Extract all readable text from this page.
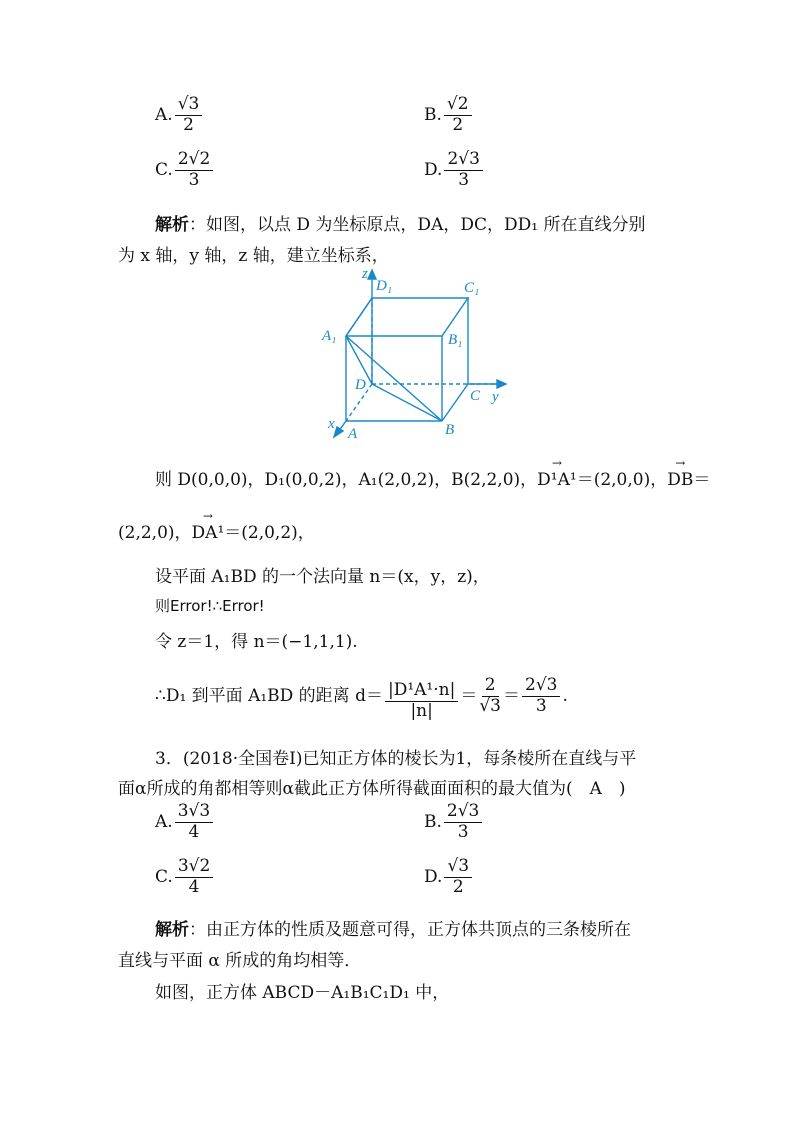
A. $\frac{√3}{2}$	B. $\frac{√2}{2}$
C. $\frac{2√2}{3}$	D. $\frac{2√3}{3}$
解析：如图，以点 D 为坐标原点，DA，DC，DD₁ 所在直线分别
为 x 轴，y 轴，z 轴，建立坐标系，
z
D₁	C₁
A₁	B₁
D
C y
x
A	B
则 D(0,0,0)，D₁(0,0,2)，A₁(2,0,2)，B(2,2,0)，→ D¹A¹＝(2,0,0)，→ DB＝
(2,2,0)，→ DA¹＝(2,0,2)，
设平面 A₁BD 的一个法向量 n＝(x，y，z)，
则Error!∴Error!
令 z＝1，得 n＝(−1,1,1).
∴D₁ 到平面 A₁BD 的距离 $d= \frac{\text{|D¹A¹·n|}}{|n|} = \frac{2}{√3} = \frac{2√3}{3}$ .
3．(2018·全国卷Ⅰ)已知正方体的棱长为1，每条棱所在直线与平
面α所成的角都相等则α截此正方体所得截面面积的最大值为(　A　)
A. $\frac{3√3}{4}$	B. $\frac{2√3}{3}$
C. $\frac{3√2}{4}$	D. $\frac{√3}{2}$
解析：由正方体的性质及题意可得，正方体共顶点的三条棱所在
直线与平面 α 所成的角均相等．
如图，正方体 ABCD－A₁B₁C₁D₁ 中，
